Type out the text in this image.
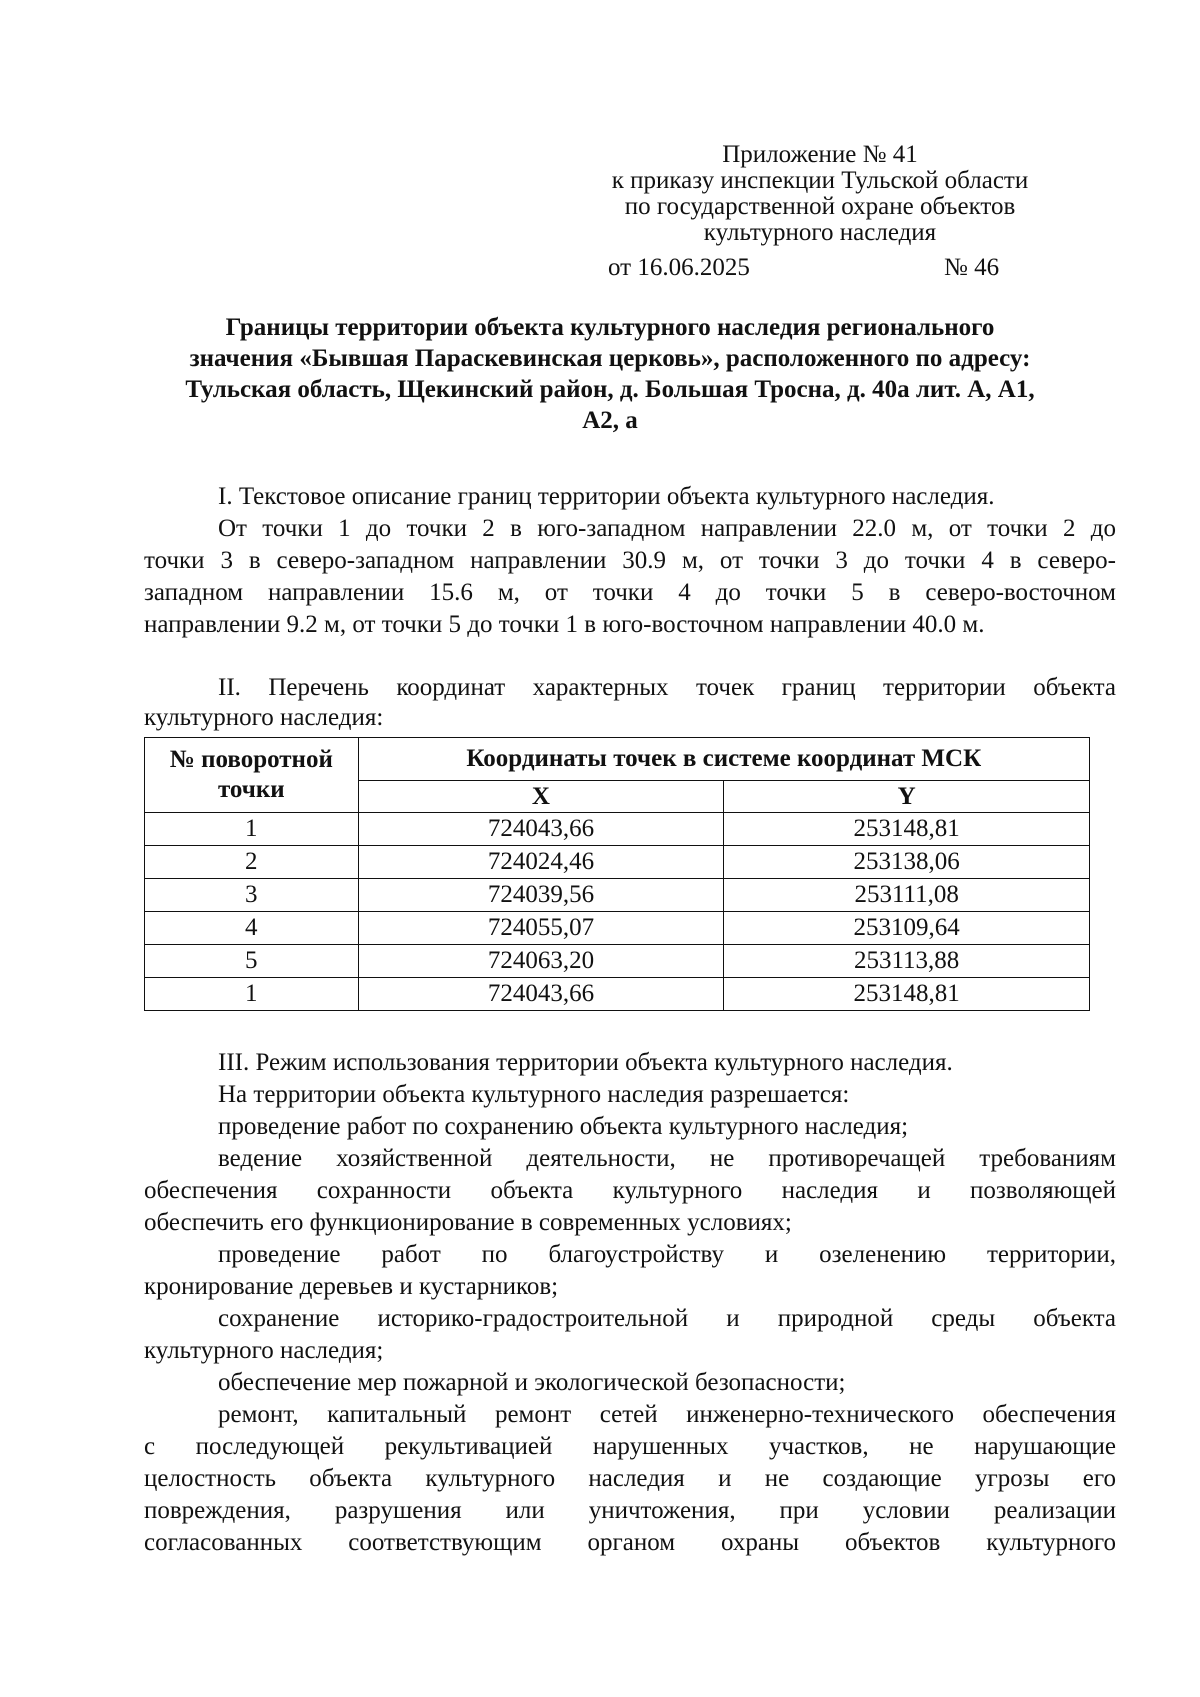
Приложение № 41
к приказу инспекции Тульской области
по государственной охране объектов
культурного наследия
от 16.06.2025	№ 46
Границы территории объекта культурного наследия регионального
значения «Бывшая Параскевинская церковь», расположенного по адресу:
Тульская область, Щекинский район, д. Большая Тросна, д. 40а лит. А, А1,
А2, а
I. Текстовое описание границ территории объекта культурного наследия.
От точки 1 до точки 2 в юго-западном направлении 22.0 м, от точки 2 до
точки 3 в северо-западном направлении 30.9 м, от точки 3 до точки 4 в северо-
западном направлении 15.6 м, от точки 4 до точки 5 в северо-восточном
направлении 9.2 м, от точки 5 до точки 1 в юго-восточном направлении 40.0 м.
II. Перечень координат характерных точек границ территории объекта
культурного наследия:
№ поворотной точки	Координаты точек в системе координат МСК	
	X	Y
1	724043,66	253148,81
2	724024,46	253138,06
3	724039,56	253111,08
4	724055,07	253109,64
5	724063,20	253113,88
1	724043,66	253148,81
III. Режим использования территории объекта культурного наследия.
На территории объекта культурного наследия разрешается:
проведение работ по сохранению объекта культурного наследия;
ведение хозяйственной деятельности, не противоречащей требованиям
обеспечения сохранности объекта культурного наследия и позволяющей
обеспечить его функционирование в современных условиях;
проведение работ по благоустройству и озеленению территории,
кронирование деревьев и кустарников;
сохранение историко-градостроительной и природной среды объекта
культурного наследия;
обеспечение мер пожарной и экологической безопасности;
ремонт, капитальный ремонт сетей инженерно-технического обеспечения
с последующей рекультивацией нарушенных участков, не нарушающие
целостность объекта культурного наследия и не создающие угрозы его
повреждения, разрушения или уничтожения, при условии реализации
согласованных соответствующим органом охраны объектов культурного
